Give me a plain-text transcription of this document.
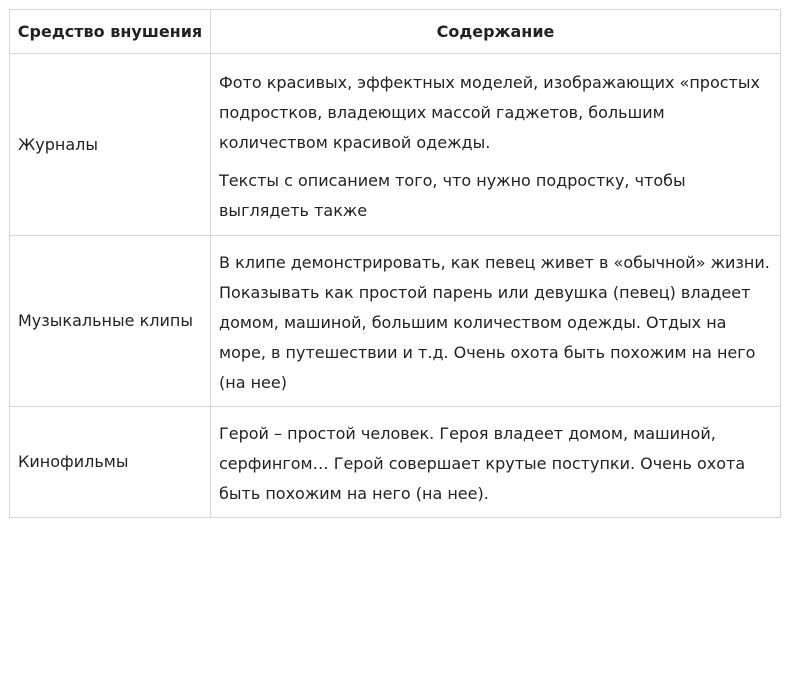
Средство внушения	Содержание
Журналы	Фото красивых, эффектных моделей, изображающих «простых подростков, владеющих массой гаджетов, большим количеством красивой одежды.

Тексты с описанием того, что нужно подростку, чтобы выглядеть также

Музыкальные клипы	В клипе демонстрировать, как певец живет в «обычной» жизни. Показывать как простой парень или девушка (певец) владеет домом, машиной, большим количеством одежды. Отдых на море, в путешествии и т.д. Очень охота быть похожим на него (на нее)

Кинофильмы	Герой – простой человек. Героя владеет домом, машиной, серфингом… Герой совершает крутые поступки. Очень охота быть похожим на него (на нее).
